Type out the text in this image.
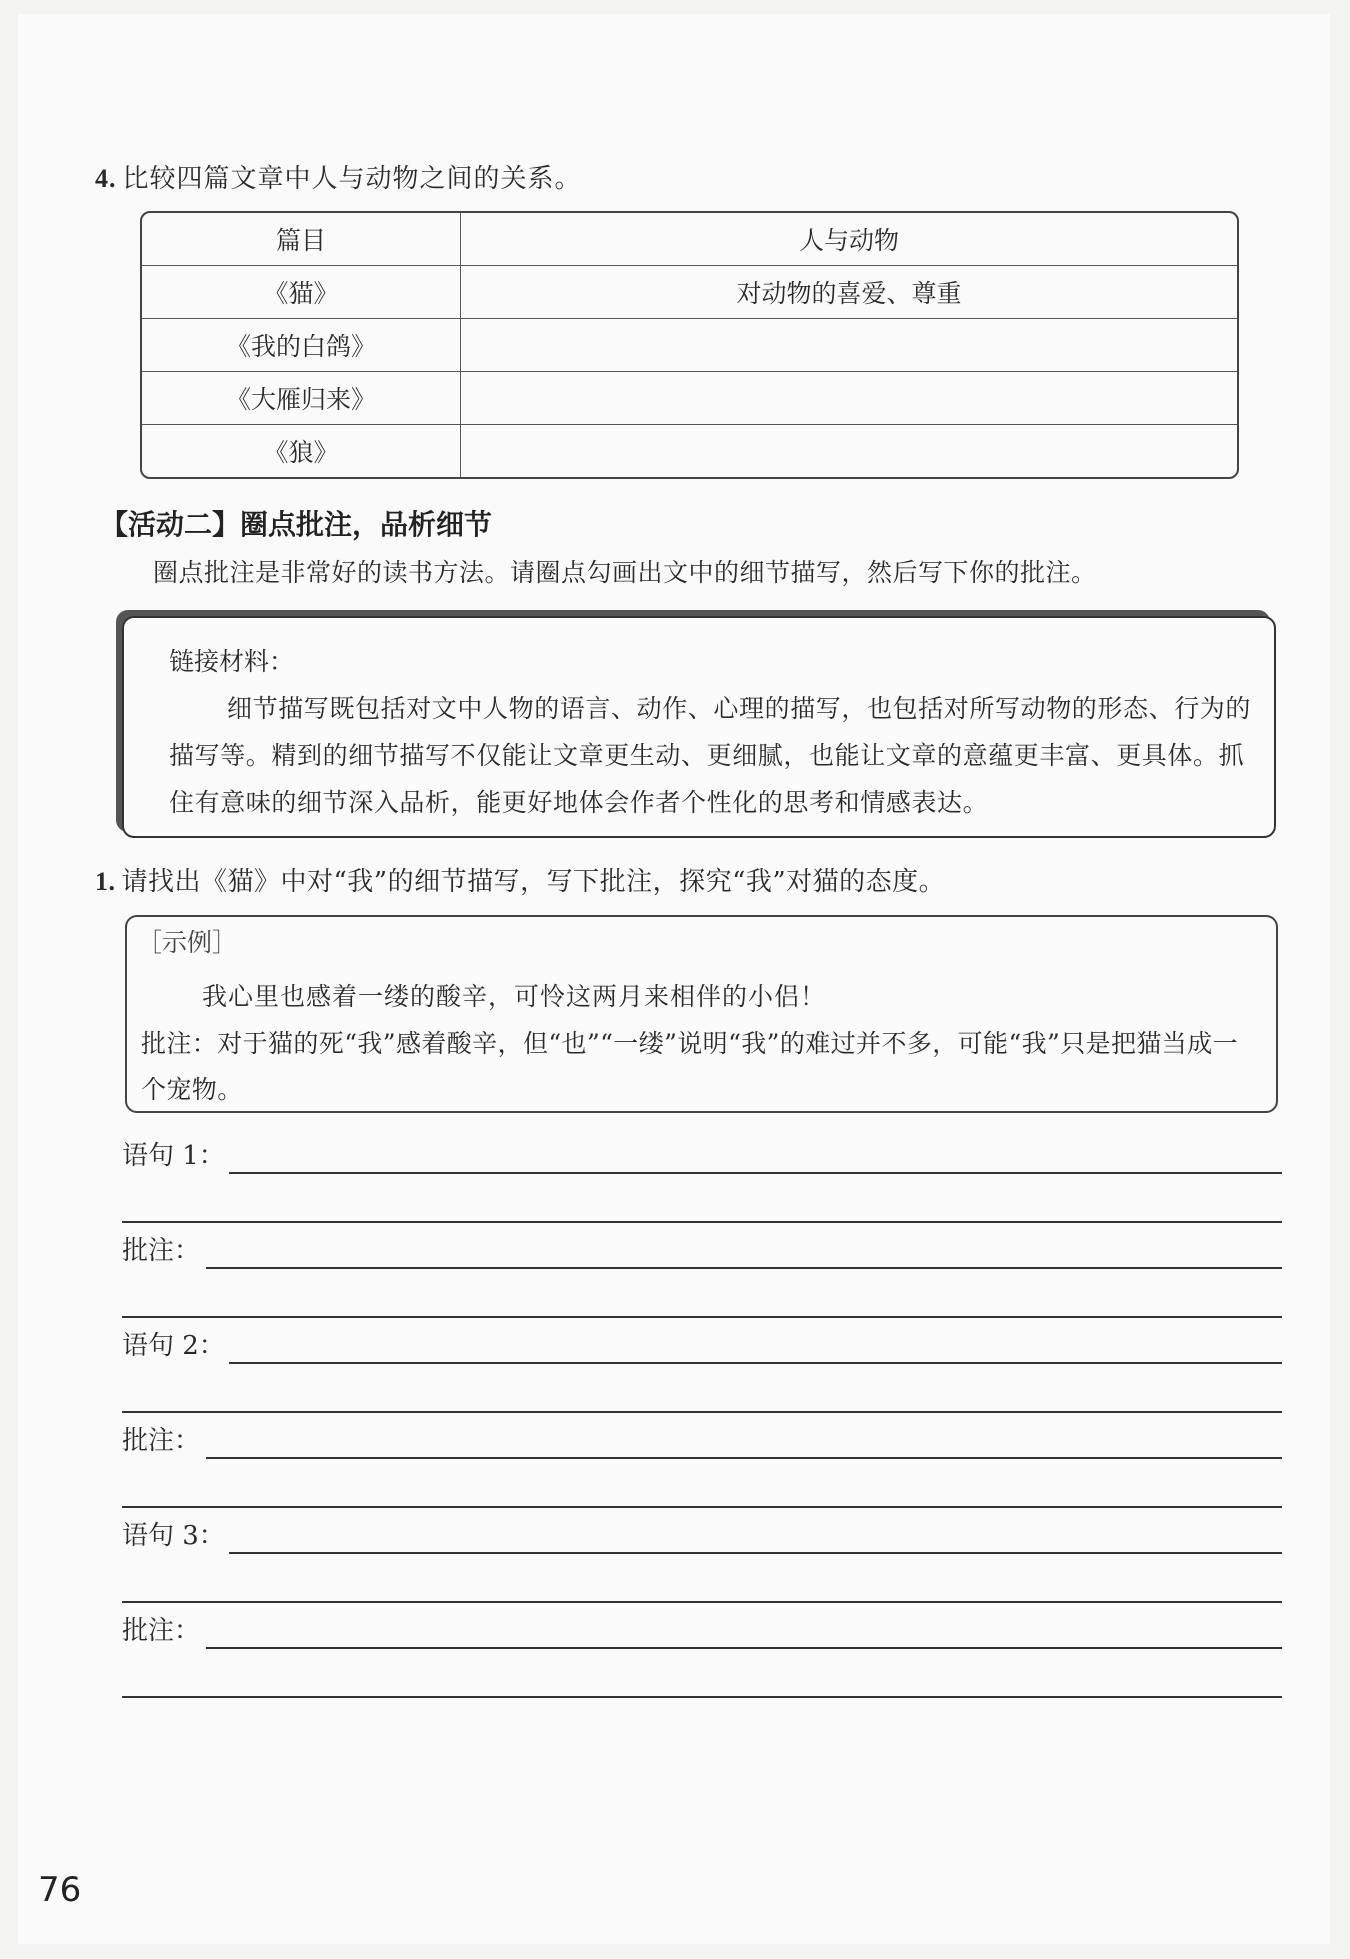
4. 比较四篇文章中人与动物之间的关系。
篇目	人与动物
《猫》	对动物的喜爱、尊重
《我的白鸽》	
《大雁归来》	
《狼》	
【活动二】圈点批注，品析细节
圈点批注是非常好的读书方法。请圈点勾画出文中的细节描写，然后写下你的批注。
链接材料：
细节描写既包括对文中人物的语言、动作、心理的描写，也包括对所写动物的形态、行为的描写等。精到的细节描写不仅能让文章更生动、更细腻，也能让文章的意蕴更丰富、更具体。抓住有意味的细节深入品析，能更好地体会作者个性化的思考和情感表达。
1. 请找出《猫》中对“我”的细节描写，写下批注，探究“我”对猫的态度。
［示例］
我心里也感着一缕的酸辛，可怜这两月来相伴的小侣！
批注：对于猫的死“我”感着酸辛，但“也”“一缕”说明“我”的难过并不多，可能“我”只是把猫当成一个宠物。
语句 1：
批注：
语句 2：
批注：
语句 3：
批注：
76
